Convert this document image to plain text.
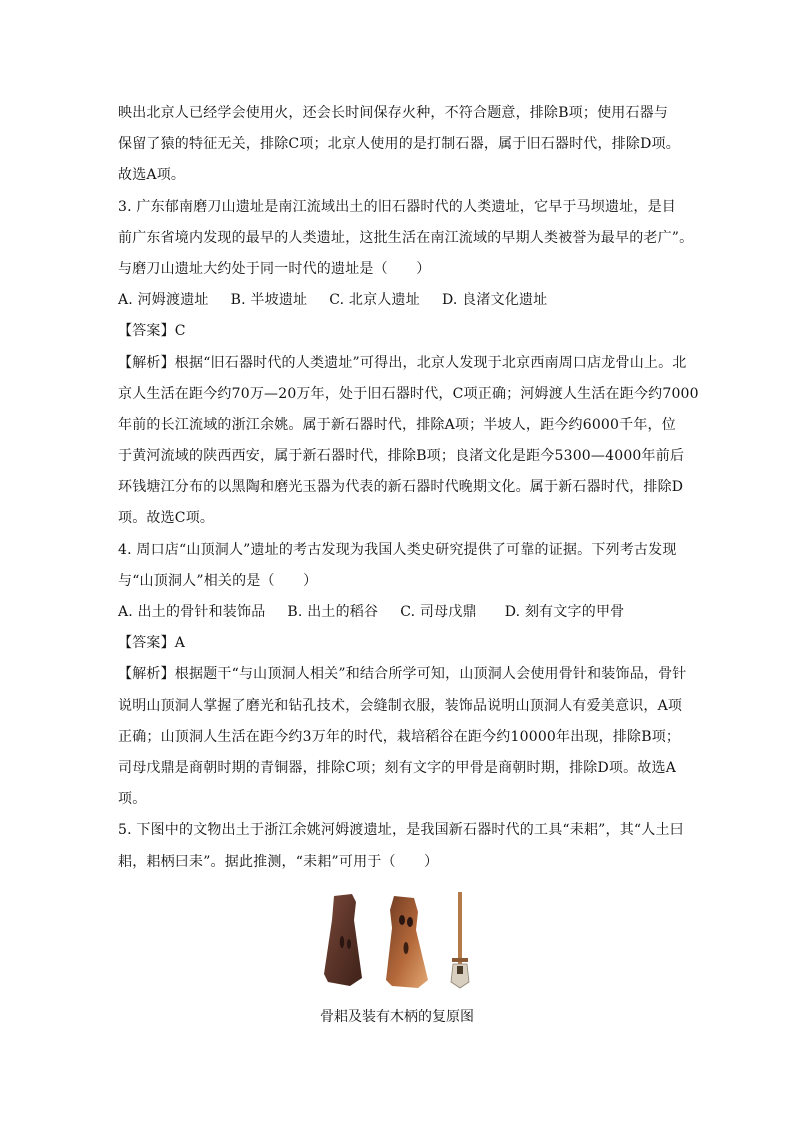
映出北京人已经学会使用火，还会长时间保存火种，不符合题意，排除B项；使用石器与
保留了猿的特征无关，排除C项；北京人使用的是打制石器，属于旧石器时代，排除D项。
故选A项。
3. 广东郁南磨刀山遗址是南江流域出土的旧石器时代的人类遗址，它早于马坝遗址，是目
前广东省境内发现的最早的人类遗址，这批生活在南江流域的早期人类被誉为最早的老广”。
与磨刀山遗址大约处于同一时代的遗址是（　　）
A. 河姆渡遗址 B. 半坡遗址 C. 北京人遗址 D. 良渚文化遗址
【答案】C
【解析】根据“旧石器时代的人类遗址”可得出，北京人发现于北京西南周口店龙骨山上。北
京人生活在距今约70万—20万年，处于旧石器时代，C项正确；河姆渡人生活在距今约7000
年前的长江流域的浙江余姚。属于新石器时代，排除A项；半坡人，距今约6000千年，位
于黄河流域的陕西西安，属于新石器时代，排除B项；良渚文化是距今5300—4000年前后
环钱塘江分布的以黑陶和磨光玉器为代表的新石器时代晚期文化。属于新石器时代，排除D
项。故选C项。
4. 周口店“山顶洞人”遗址的考古发现为我国人类史研究提供了可靠的证据。下列考古发现
与“山顶洞人”相关的是（　　）
A. 出土的骨针和装饰品 B. 出土的稻谷 C. 司母戊鼎 D. 刻有文字的甲骨
【答案】A
【解析】根据题干“与山顶洞人相关”和结合所学可知，山顶洞人会使用骨针和装饰品，骨针
说明山顶洞人掌握了磨光和钻孔技术，会缝制衣服，装饰品说明山顶洞人有爱美意识，A项
正确；山顶洞人生活在距今约3万年的时代，栽培稻谷在距今约10000年出现，排除B项；
司母戊鼎是商朝时期的青铜器，排除C项；刻有文字的甲骨是商朝时期，排除D项。故选A
项。
5. 下图中的文物出土于浙江余姚河姆渡遗址，是我国新石器时代的工具“耒耜”，其“人土曰
耜，耜柄曰耒”。据此推测，“耒耜”可用于（　　）
骨耜及装有木柄的复原图
